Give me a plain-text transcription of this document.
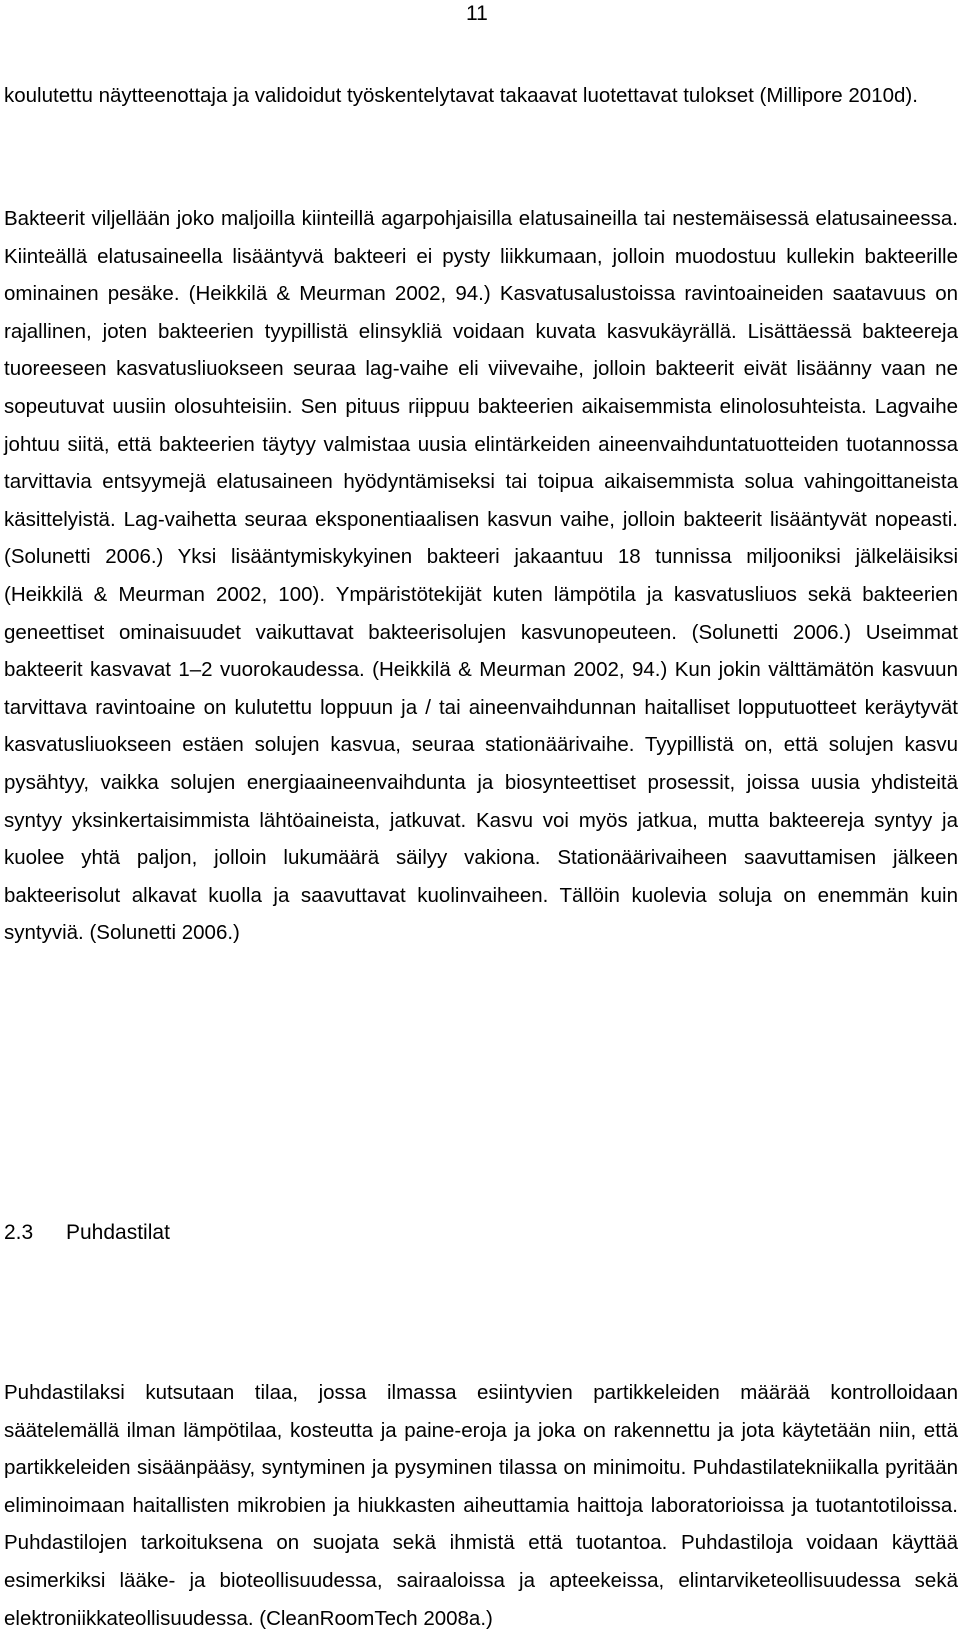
11

koulutettu näytteenottaja ja validoidut työskentelytavat takaavat luotettavat tulokset (Millipore 2010d).

Bakteerit viljellään joko maljoilla kiinteillä agarpohjaisilla elatusaineilla tai nestemäisessä elatusaineessa. Kiinteällä elatusaineella lisääntyvä bakteeri ei pysty liikkumaan, jolloin muodostuu kullekin bakteerille ominainen pesäke. (Heikkilä & Meurman 2002, 94.) Kasvatusalustoissa ravintoaineiden saatavuus on rajallinen, joten bakteerien tyypillistä elinsykliä voidaan kuvata kasvukäyrällä. Lisättäessä bakteereja tuoreeseen kasvatusliuokseen seuraa lag-vaihe eli viivevaihe, jolloin bakteerit eivät lisäänny vaan ne sopeutuvat uusiin olosuhteisiin. Sen pituus riippuu bakteerien aikaisemmista elinolosuhteista. Lagvaihe johtuu siitä, että bakteerien täytyy valmistaa uusia elintärkeiden aineenvaihduntatuotteiden tuotannossa tarvittavia entsyymejä elatusaineen hyödyntämiseksi tai toipua aikaisemmista solua vahingoittaneista käsittelyistä. Lag-vaihetta seuraa eksponentiaalisen kasvun vaihe, jolloin bakteerit lisääntyvät nopeasti. (Solunetti 2006.) Yksi lisääntymiskykyinen bakteeri jakaantuu 18 tunnissa miljooniksi jälkeläisiksi (Heikkilä & Meurman 2002, 100). Ympäristötekijät kuten lämpötila ja kasvatusliuos sekä bakteerien geneettiset ominaisuudet vaikuttavat bakteerisolujen kasvunopeuteen. (Solunetti 2006.) Useimmat bakteerit kasvavat 1–2 vuorokaudessa. (Heikkilä & Meurman 2002, 94.) Kun jokin välttämätön kasvuun tarvittava ravintoaine on kulutettu loppuun ja / tai aineenvaihdunnan haitalliset lopputuotteet keräytyvät kasvatusliuokseen estäen solujen kasvua, seuraa stationäärivaihe. Tyypillistä on, että solujen kasvu pysähtyy, vaikka solujen energiaaineenvaihdunta ja biosynteettiset prosessit, joissa uusia yhdisteitä syntyy yksinkertaisimmista lähtöaineista, jatkuvat. Kasvu voi myös jatkua, mutta bakteereja syntyy ja kuolee yhtä paljon, jolloin lukumäärä säilyy vakiona. Stationäärivaiheen saavuttamisen jälkeen bakteerisolut alkavat kuolla ja saavuttavat kuolinvaiheen. Tällöin kuolevia soluja on enemmän kuin syntyviä. (Solunetti 2006.)

2.3 Puhdastilat

Puhdastilaksi kutsutaan tilaa, jossa ilmassa esiintyvien partikkeleiden määrää kontrolloidaan säätelemällä ilman lämpötilaa, kosteutta ja paine-eroja ja joka on rakennettu ja jota käytetään niin, että partikkeleiden sisäänpääsy, syntyminen ja pysyminen tilassa on minimoitu. Puhdastilatekniikalla pyritään eliminoimaan haitallisten mikrobien ja hiukkasten aiheuttamia haittoja laboratorioissa ja tuotantotiloissa. Puhdastilojen tarkoituksena on suojata sekä ihmistä että tuotantoa. Puhdastiloja voidaan käyttää esimerkiksi lääke- ja bioteollisuudessa, sairaaloissa ja apteekeissa, elintarviketeollisuudessa sekä elektroniikkateollisuudessa. (CleanRoomTech 2008a.)
